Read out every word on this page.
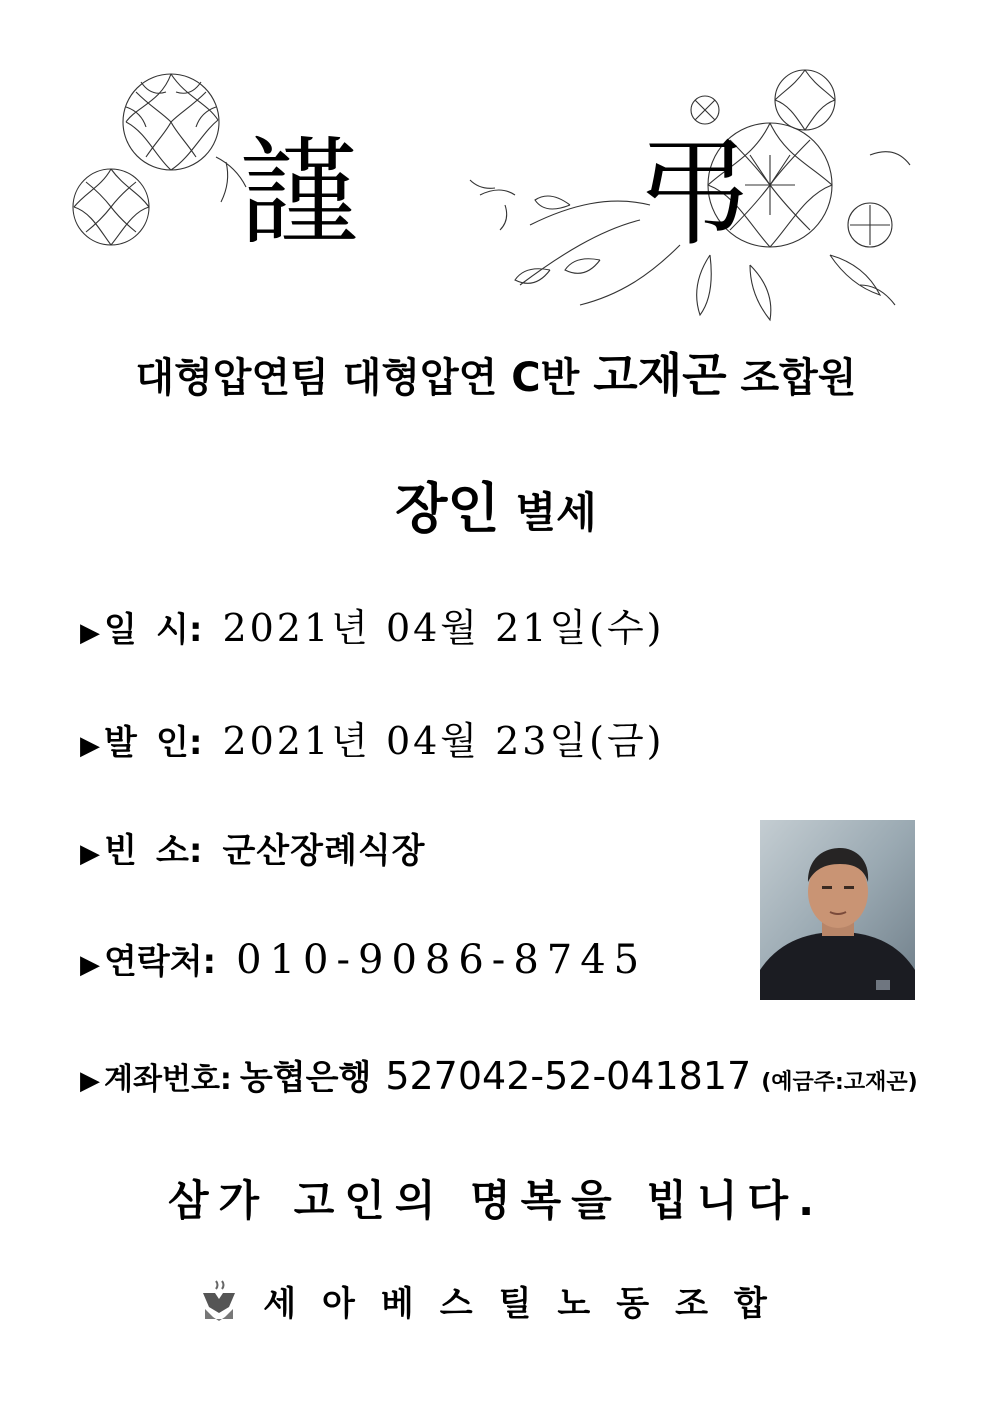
謹 弔
대형압연팀 대형압연 C반 고재곤 조합원
장인 별세
▶ 일 시: 2021년 04월 21일(수)
▶ 발 인: 2021년 04월 23일(금)
▶ 빈 소: 군산장례식장
▶ 연락처: 010-9086-8745
▶ 계좌번호: 농협은행 527042-52-041817 (예금주:고재곤)
삼가 고인의 명복을 빕니다.
세아베스틸노동조합
